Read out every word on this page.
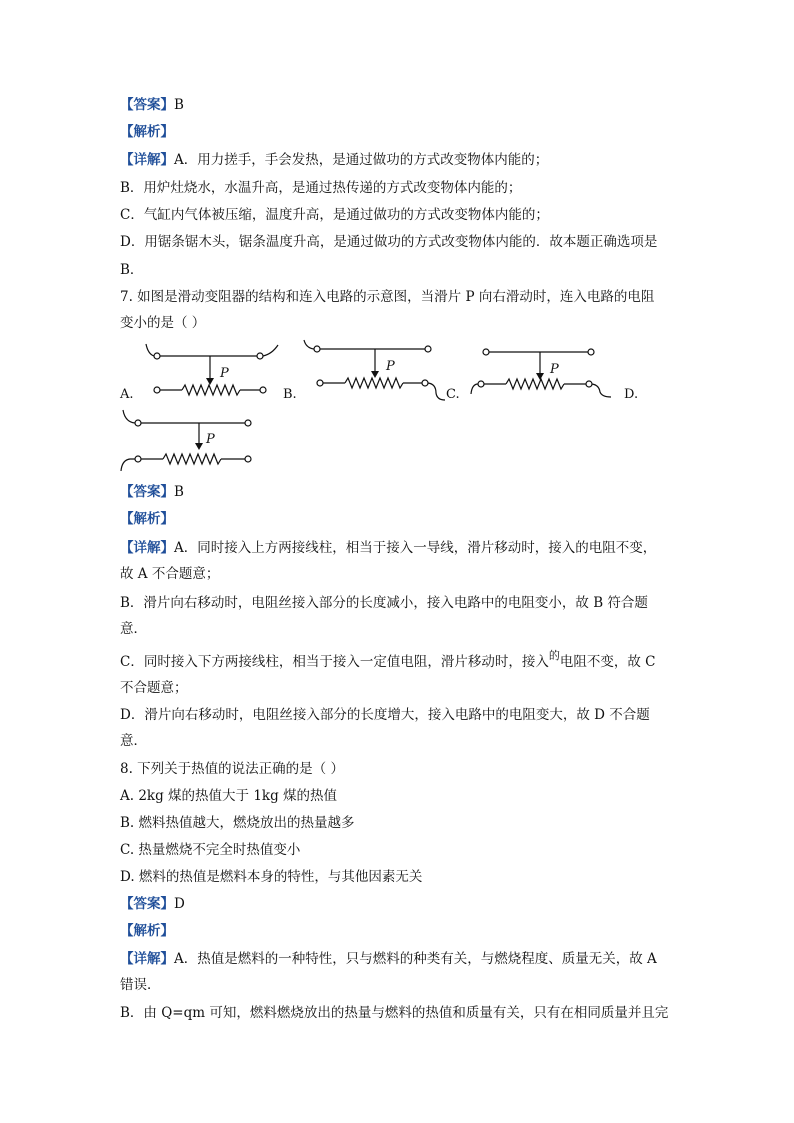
【答案】B
【解析】
【详解】A．用力搓手，手会发热，是通过做功的方式改变物体内能的；
B．用炉灶烧水，水温升高，是通过热传递的方式改变物体内能的；
C．气缸内气体被压缩，温度升高，是通过做功的方式改变物体内能的；
D．用锯条锯木头，锯条温度升高，是通过做功的方式改变物体内能的．故本题正确选项是
B．
7. 如图是滑动变阻器的结构和连入电路的示意图，当滑片 P 向右滑动时，连入电路的电阻
变小的是（ ）
P
A.
P
B.
P
C.	D.
P
【答案】B
【解析】
【详解】A．同时接入上方两接线柱，相当于接入一导线，滑片移动时，接入的电阻不变，
故 A 不合题意；
B．滑片向右移动时，电阻丝接入部分的长度减小，接入电路中的电阻变小，故 B 符合题
意．
C．同时接入下方两接线柱，相当于接入一定值电阻，滑片移动时，接入$^的$电阻不变，故 C
不合题意；
D．滑片向右移动时，电阻丝接入部分的长度增大，接入电路中的电阻变大，故 D 不合题
意．
8. 下列关于热值的说法正确的是（ ）
A. 2kg 煤的热值大于 1kg 煤的热值
B. 燃料热值越大，燃烧放出的热量越多
C. 热量燃烧不完全时热值变小
D. 燃料的热值是燃料本身的特性，与其他因素无关
【答案】D
【解析】
【详解】A．热值是燃料的一种特性，只与燃料的种类有关，与燃烧程度、质量无关，故 A
错误．
B．由 Q=qm 可知，燃料燃烧放出的热量与燃料的热值和质量有关，只有在相同质量并且完
